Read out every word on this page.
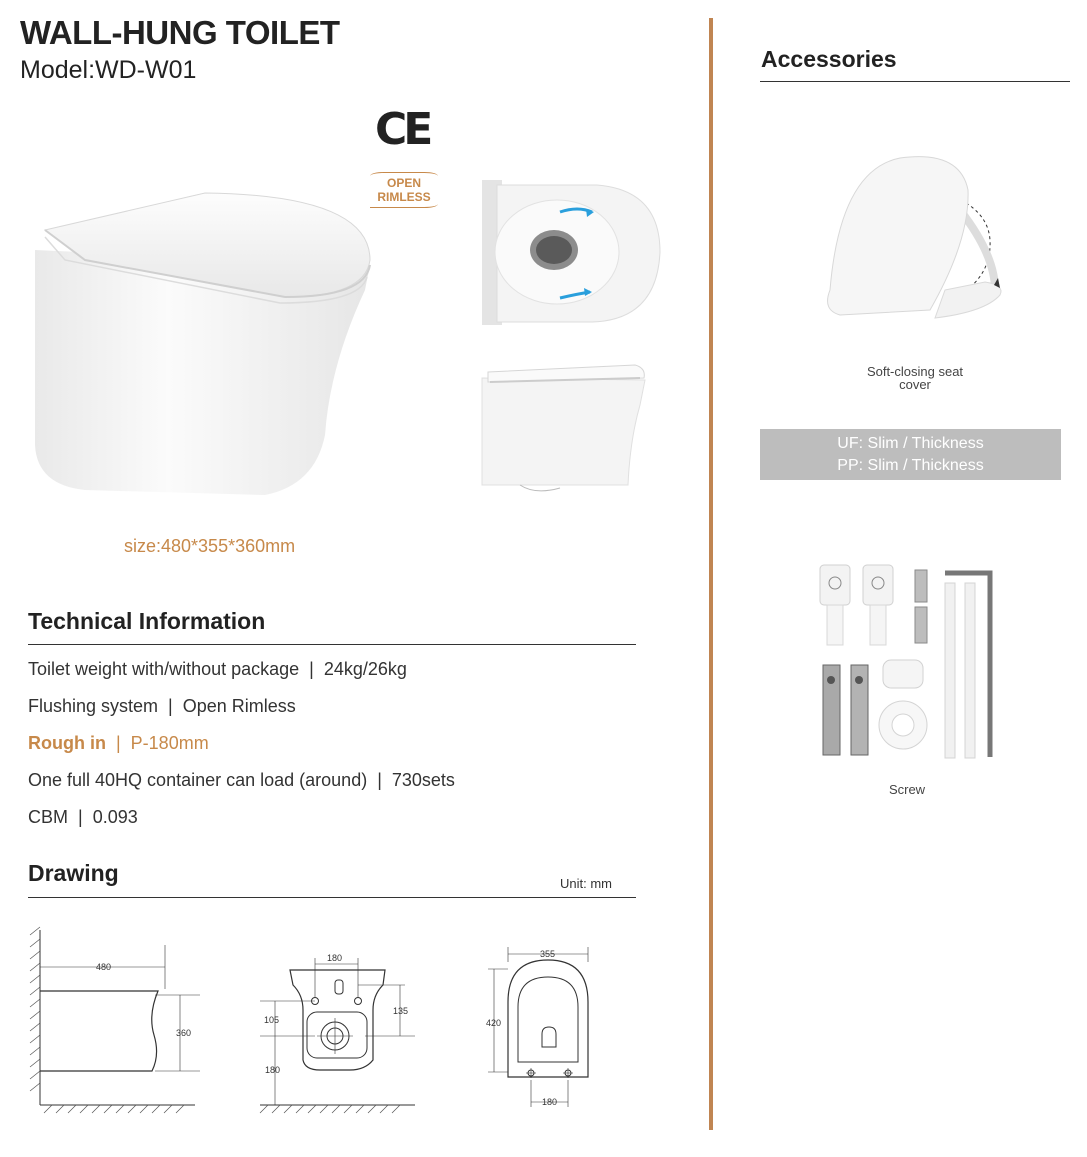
WALL-HUNG TOILET
Model:WD-W01
CE
OPEN
RIMLESS
size:480*355*360mm
Technical Information
Toilet weight with/without package | 24kg/26kg
Flushing system | Open Rimless
Rough in | P-180mm
One full 40HQ container can load (around) | 730sets
CBM | 0.093
Drawing	Unit: mm
480
360
180
105
135
180
355
420
180
Accessories
Soft-closing seat
cover
UF: Slim / Thickness
PP: Slim / Thickness
Screw
